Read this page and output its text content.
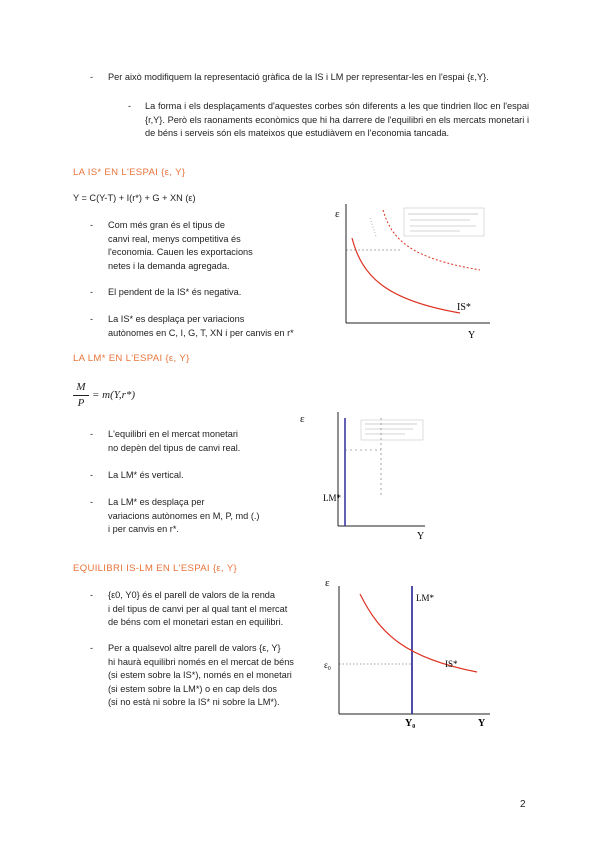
- Per això modifiquem la representació gràfica de la IS i LM per representar-les en l'espai {ε,Y}.
- La forma i els desplaçaments d'aquestes corbes són diferents a les que tindrien lloc en l'espai {r,Y}. Però els raonaments econòmics que hi ha darrere de l'equilibri en els mercats monetari i de béns i serveis són els mateixos que estudiàvem en l'economia tancada.
LA IS* EN L'ESPAI {ε, Y}
Y = C(Y-T) + I(r*) + G + XN (ε)
- Com més gran és el tipus de
canvi real, menys competitiva és
l'economia. Cauen les exportacions
netes i la demanda agregada.
- El pendent de la IS* és negativa.
- La IS* es desplaça per variacions
autònomes en C, I, G, T, XN i per canvis en r*
ε
Y
IS*
LA LM* EN L'ESPAI {ε, Y}
M
P
= m(Y,r*)
- L'equilibri en el mercat monetari
no depèn del tipus de canvi real.
- La LM* és vertical.
- La LM* es desplaça per
variacions autònomes en M, P, md (.)
i per canvis en r*.
ε
Y
LM*
EQUILIBRI IS-LM EN L'ESPAI {ε, Y}
- {ε0, Y0} és el parell de valors de la renda
i del tipus de canvi per al qual tant el mercat
de béns com el monetari estan en equilibri.
- Per a qualsevol altre parell de valors {ε, Y}
hi haurà equilibri només en el mercat de béns
(si estem sobre la IS*), només en el monetari
(si estem sobre la LM*) o en cap dels dos
(si no està ni sobre la IS* ni sobre la LM*).
ε
ε₀
Y₀	Y
LM*
IS*
2
